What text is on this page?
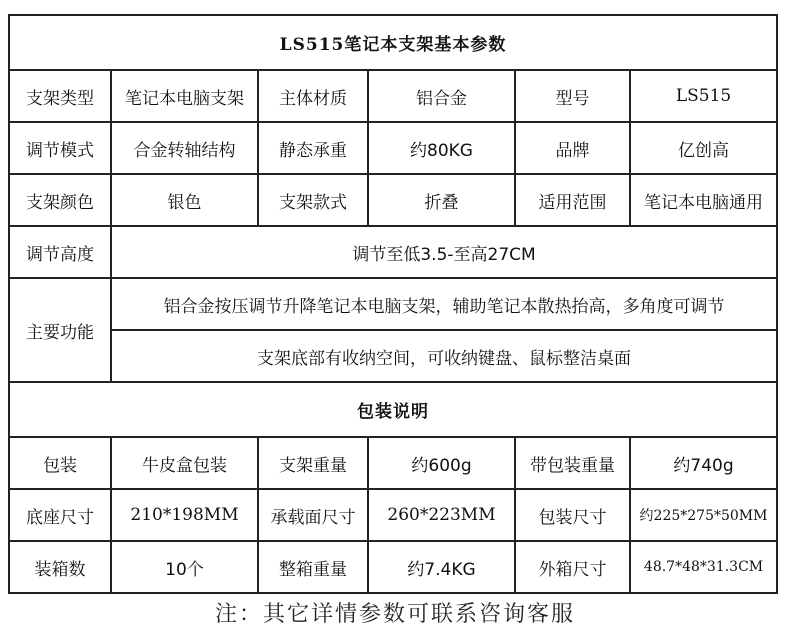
LS515笔记本支架基本参数					
支架类型	笔记本电脑支架	主体材质	铝合金	型号	LS515
调节模式	合金转轴结构	静态承重	约80KG	品牌	亿创高
支架颜色	银色	支架款式	折叠	适用范围	笔记本电脑通用
调节高度	调节至低3.5-至高27CM				
主要功能	铝合金按压调节升降笔记本电脑支架，辅助笔记本散热抬高，多角度可调节				
	支架底部有收纳空间，可收纳键盘、鼠标整洁桌面				
包装说明					
包装	牛皮盒包装	支架重量	约600g	带包装重量	约740g
底座尺寸	210*198MM	承载面尺寸	260*223MM	包装尺寸	约225*275*50MM
装箱数	10个	整箱重量	约7.4KG	外箱尺寸	48.7*48*31.3CM
注：其它详情参数可联系咨询客服
